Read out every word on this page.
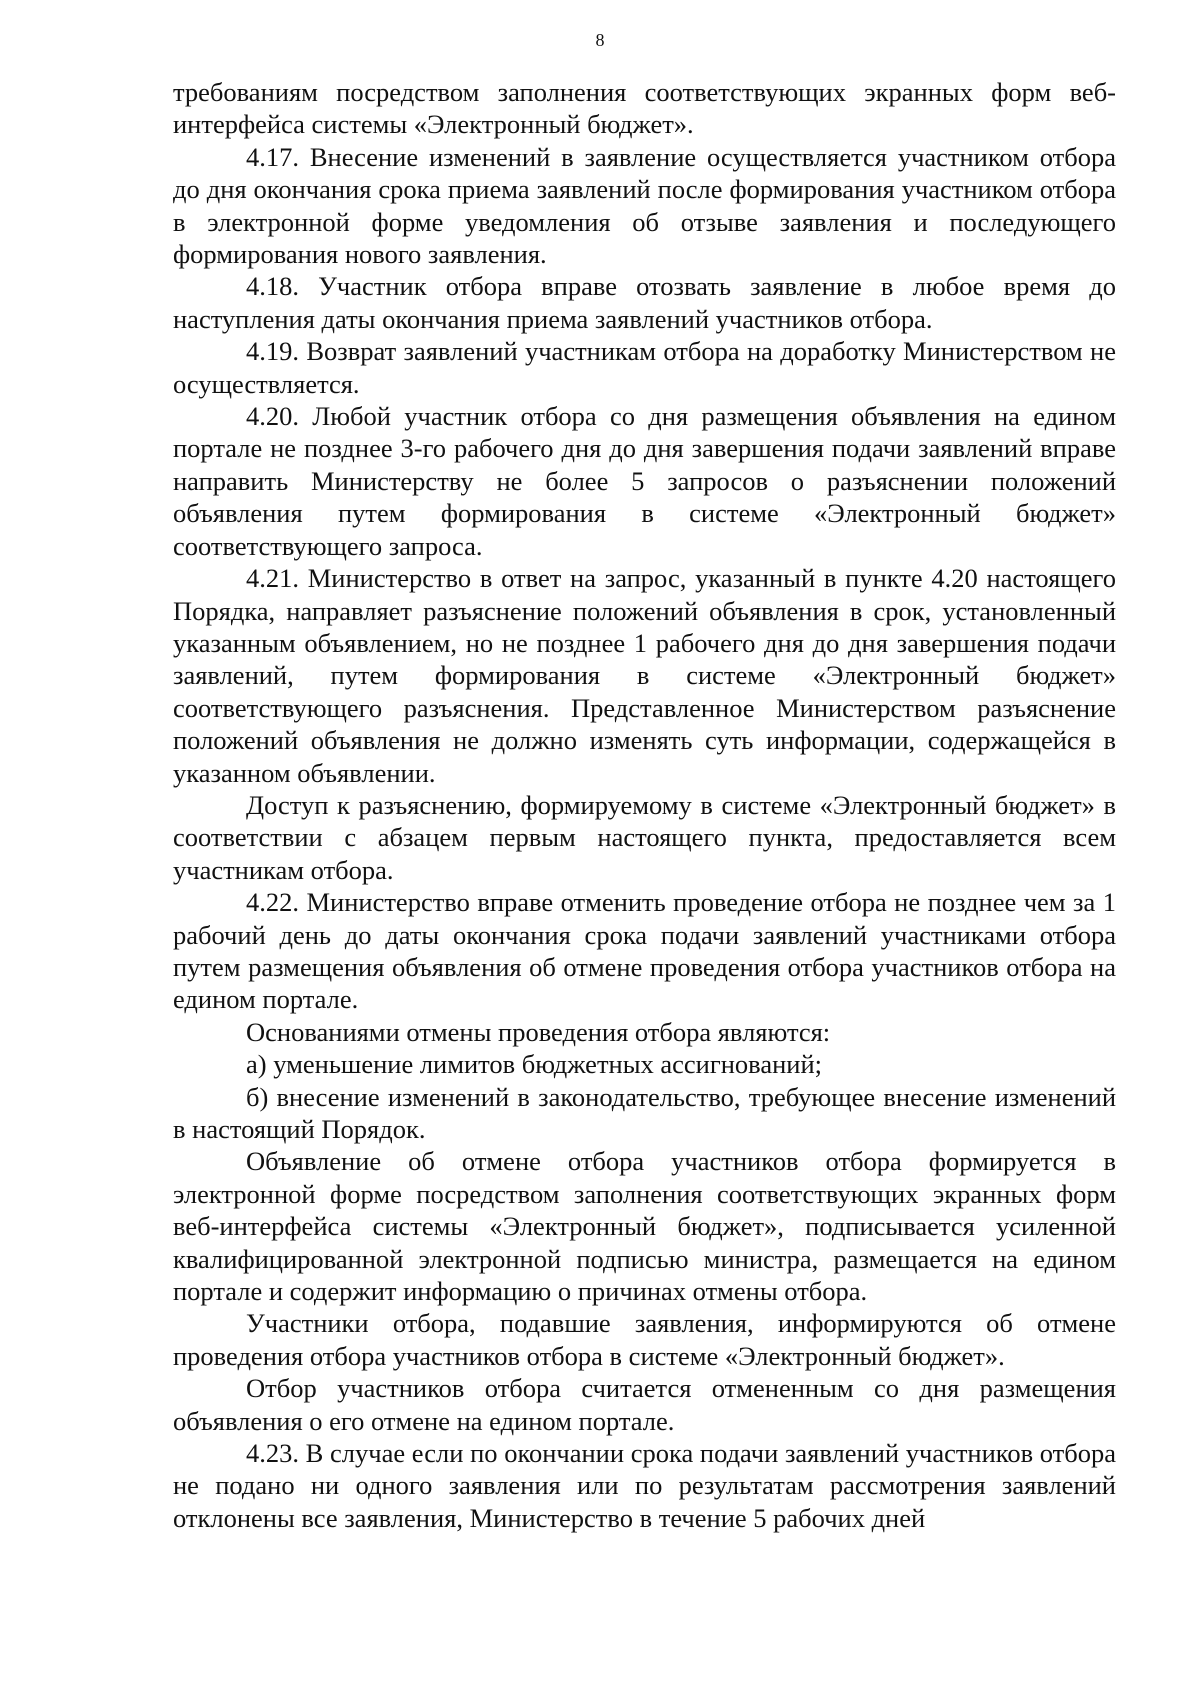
8

требованиям посредством заполнения соответствующих экранных форм веб-интерфейса системы «Электронный бюджет».

4.17. Внесение изменений в заявление осуществляется участником отбора до дня окончания срока приема заявлений после формирования участником отбора в электронной форме уведомления об отзыве заявления и последующего формирования нового заявления.

4.18. Участник отбора вправе отозвать заявление в любое время до наступления даты окончания приема заявлений участников отбора.

4.19. Возврат заявлений участникам отбора на доработку Министерством не осуществляется.

4.20. Любой участник отбора со дня размещения объявления на едином портале не позднее 3-го рабочего дня до дня завершения подачи заявлений вправе направить Министерству не более 5 запросов о разъяснении положений объявления путем формирования в системе «Электронный бюджет» соответствующего запроса.

4.21. Министерство в ответ на запрос, указанный в пункте 4.20 настоящего Порядка, направляет разъяснение положений объявления в срок, установленный указанным объявлением, но не позднее 1 рабочего дня до дня завершения подачи заявлений, путем формирования в системе «Электронный бюджет» соответствующего разъяснения. Представленное Министерством разъяснение положений объявления не должно изменять суть информации, содержащейся в указанном объявлении.

Доступ к разъяснению, формируемому в системе «Электронный бюджет» в соответствии с абзацем первым настоящего пункта, предоставляется всем участникам отбора.

4.22. Министерство вправе отменить проведение отбора не позднее чем за 1 рабочий день до даты окончания срока подачи заявлений участниками отбора путем размещения объявления об отмене проведения отбора участников отбора на едином портале.

Основаниями отмены проведения отбора являются:

а) уменьшение лимитов бюджетных ассигнований;

б) внесение изменений в законодательство, требующее внесение изменений в настоящий Порядок.

Объявление об отмене отбора участников отбора формируется в электронной форме посредством заполнения соответствующих экранных форм веб-интерфейса системы «Электронный бюджет», подписывается усиленной квалифицированной электронной подписью министра, размещается на едином портале и содержит информацию о причинах отмены отбора.

Участники отбора, подавшие заявления, информируются об отмене проведения отбора участников отбора в системе «Электронный бюджет».

Отбор участников отбора считается отмененным со дня размещения объявления о его отмене на едином портале.

4.23. В случае если по окончании срока подачи заявлений участников отбора не подано ни одного заявления или по результатам рассмотрения заявлений отклонены все заявления, Министерство в течение 5 рабочих дней
